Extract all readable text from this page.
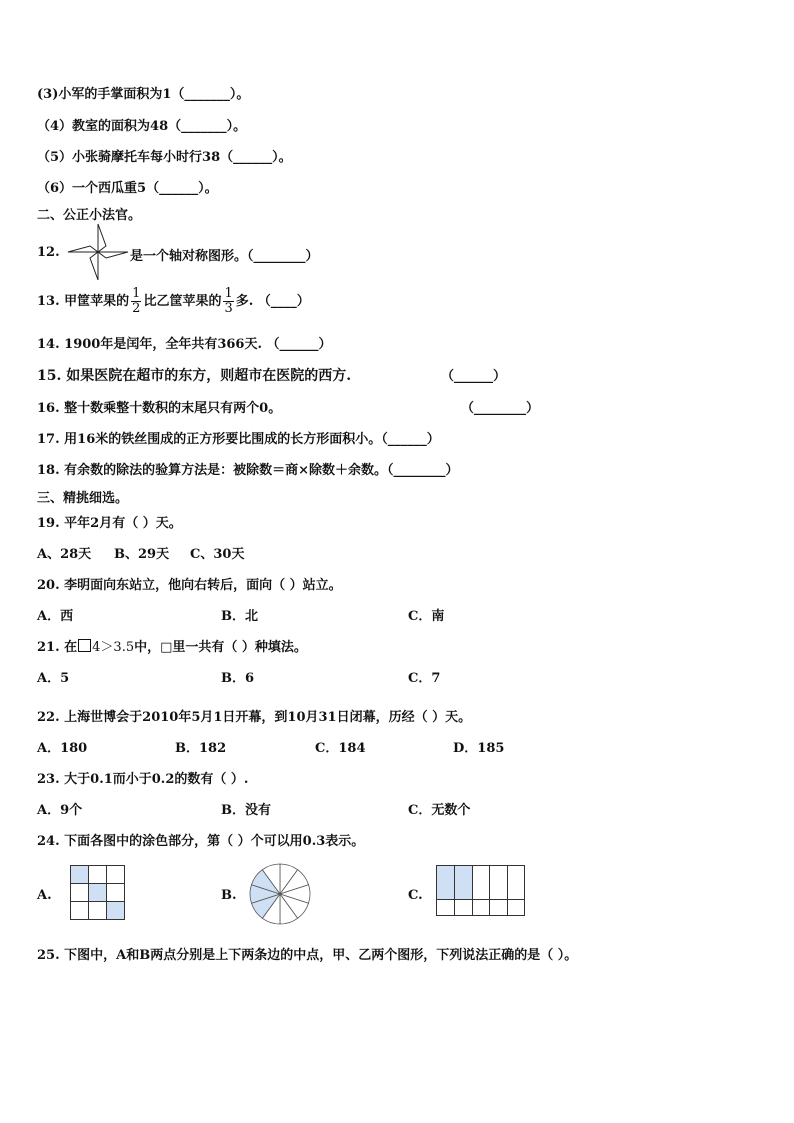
(3)小军的手掌面积为1（_______）。
（4）教室的面积为48（_______）。
（5）小张骑摩托车每小时行38（______）。
（6）一个西瓜重5（______）。
二、公正小法官。
12.	是一个轴对称图形。（________）
13. 甲筐苹果的 $\frac{1}{2}$ 比乙筐苹果的 $\frac{1}{3}$ 多. （____）
14. 1900年是闰年，全年共有366天. （______）
15. 如果医院在超市的东方，则超市在医院的西方.	（______）
16. 整十数乘整十数积的末尾只有两个0。	（________）
17. 用16米的铁丝围成的正方形要比围成的长方形面积小。（______）
18. 有余数的除法的验算方法是：被除数＝商×除数＋余数。（________）
三、精挑细选。
19. 平年2月有（ ）天。
A、28天 B、29天 C、30天
20. 李明面向东站立，他向右转后，面向（ ）站立。
A．西	B．北	C．南
21. 在 4＞3.5中，□里一共有（ ）种填法。
A．5	B．6	C．7
22. 上海世博会于2010年5月1日开幕，到10月31日闭幕，历经（ ）天。
A．180	B．182	C．184	D．185
23. 大于0.1而小于0.2的数有（ ）.
A．9个	B．没有	C．无数个
24. 下面各图中的涂色部分，第（ ）个可以用0.3表示。
A.	B.	C.
25. 下图中，A和B两点分别是上下两条边的中点，甲、乙两个图形，下列说法正确的是（ ）。
